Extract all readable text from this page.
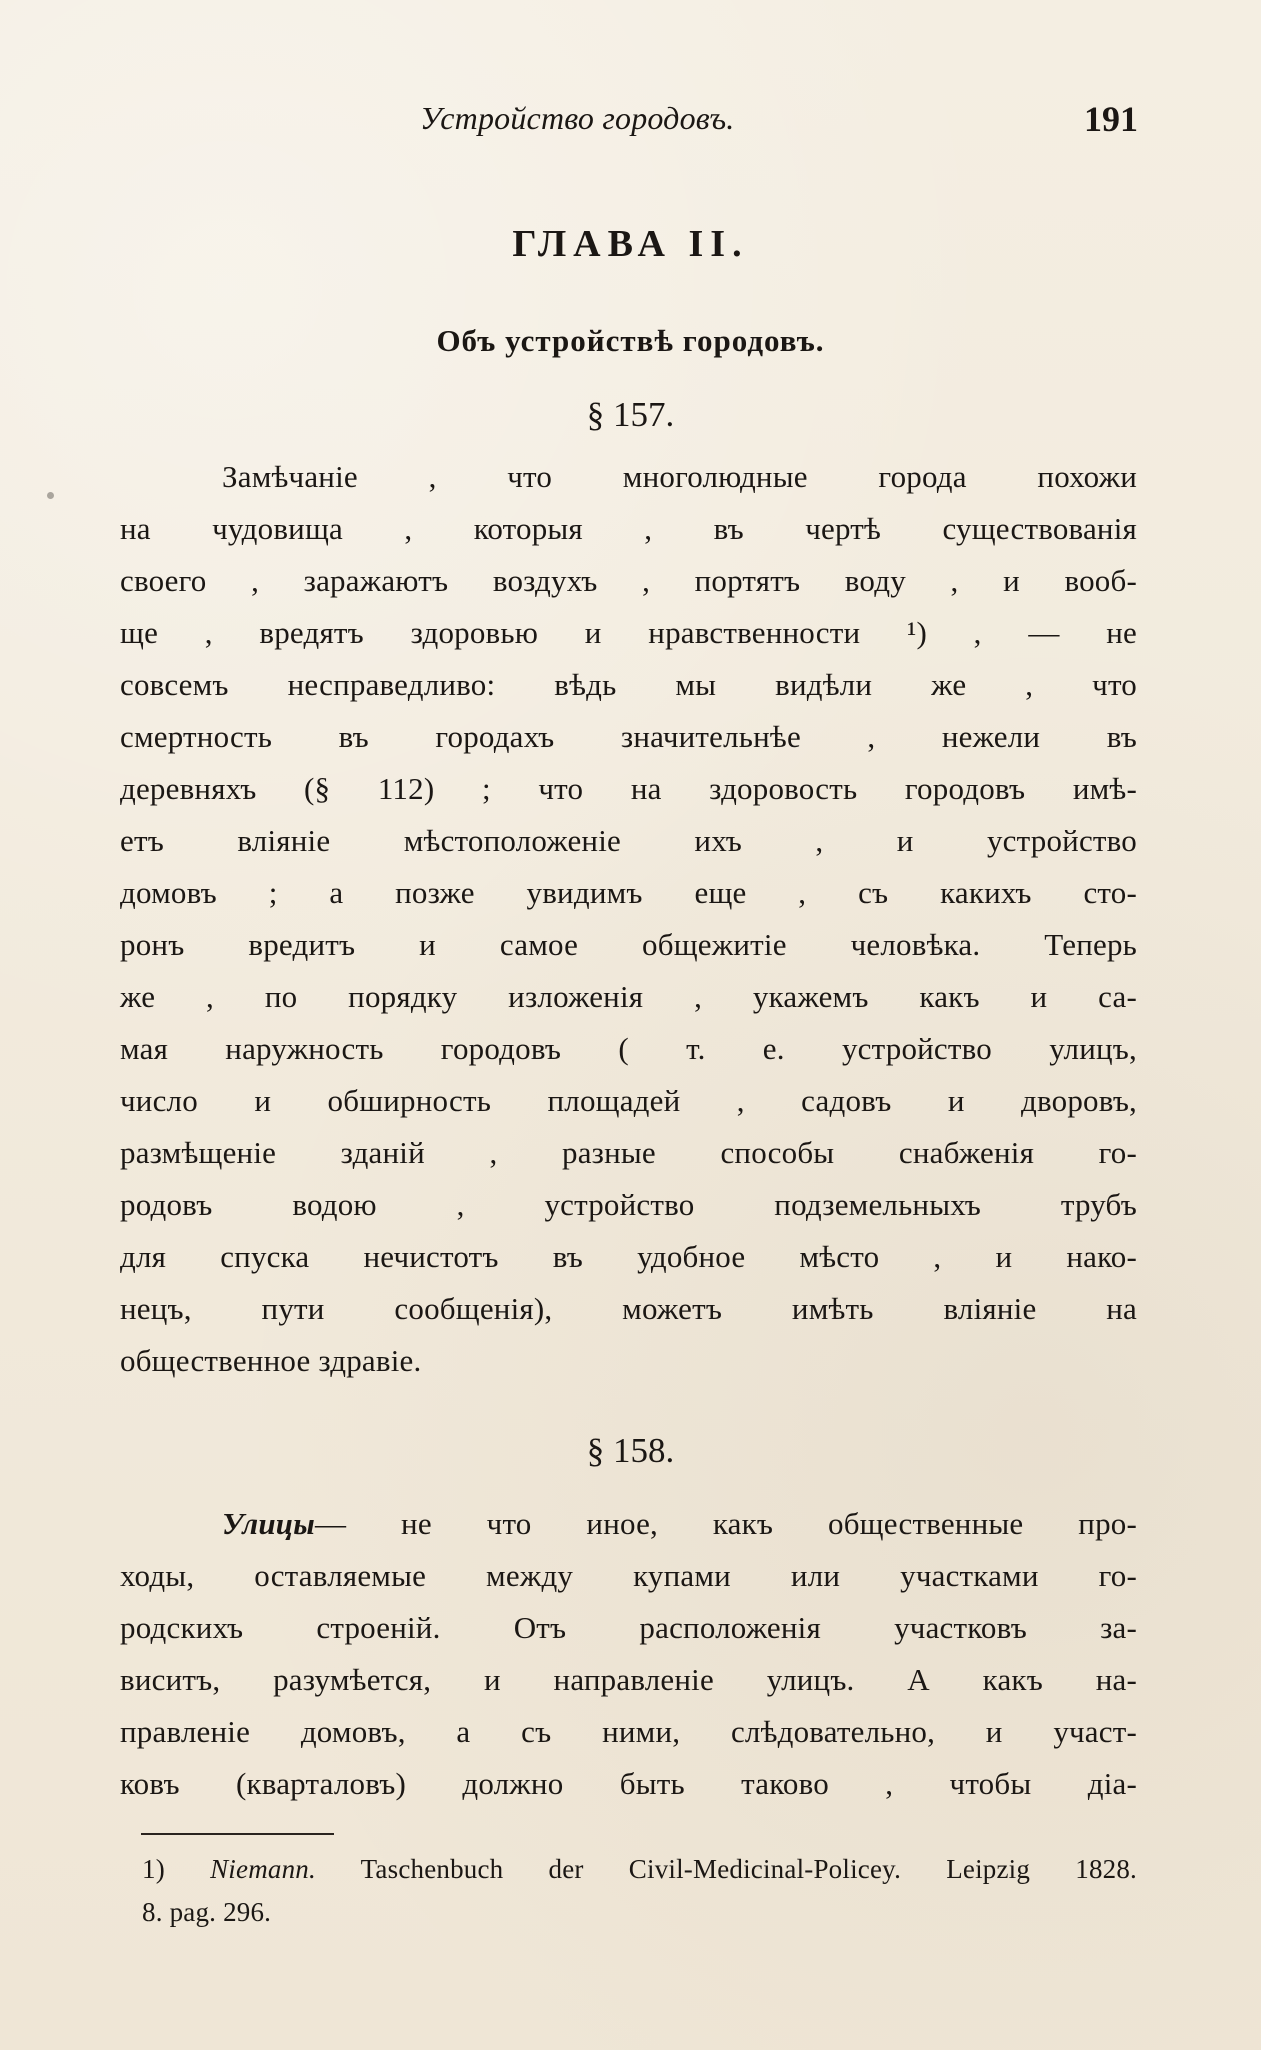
Устройство городовъ.	191
ГЛАВА II.
Объ устройствѣ городовъ.
§ 157.
Замѣчаніе , что многолюдные города похожи
на чудовища , которыя , въ чертѣ существованія
своего , заражаютъ воздухъ , портятъ воду , и вооб-
ще , вредятъ здоровью и нравственности ¹) , — не
совсемъ несправедливо: вѣдь мы видѣли же , что
смертность въ городахъ значительнѣе , нежели въ
деревняхъ (§ 112) ; что на здоровость городовъ имѣ-
етъ вліяніе мѣстоположеніе ихъ , и устройство
домовъ ; а позже увидимъ еще , съ какихъ сто-
ронъ вредитъ и самое общежитіе человѣка. Теперь
же , по порядку изложенія , укажемъ какъ и са-
мая наружность городовъ ( т. е. устройство улицъ,
число и обширность площадей , садовъ и дворовъ,
размѣщеніе зданій , разные способы снабженія го-
родовъ водою , устройство подземельныхъ трубъ
для спуска нечистотъ въ удобное мѣсто , и нако-
нецъ, пути сообщенія), можетъ имѣть вліяніе на
общественное здравіе.
§ 158.
Улицы— не что иное, какъ общественные про-
ходы, оставляемые между купами или участками го-
родскихъ строеній. Отъ расположенія участковъ за-
виситъ, разумѣется, и направленіе улицъ. А какъ на-
правленіе домовъ, а съ ними, слѣдовательно, и участ-
ковъ (кварталовъ) должно быть таково , чтобы діа-
1) Niemann. Taschenbuch der Civil-Medicinal-Policey. Leipzig 1828.
8. pag. 296.
